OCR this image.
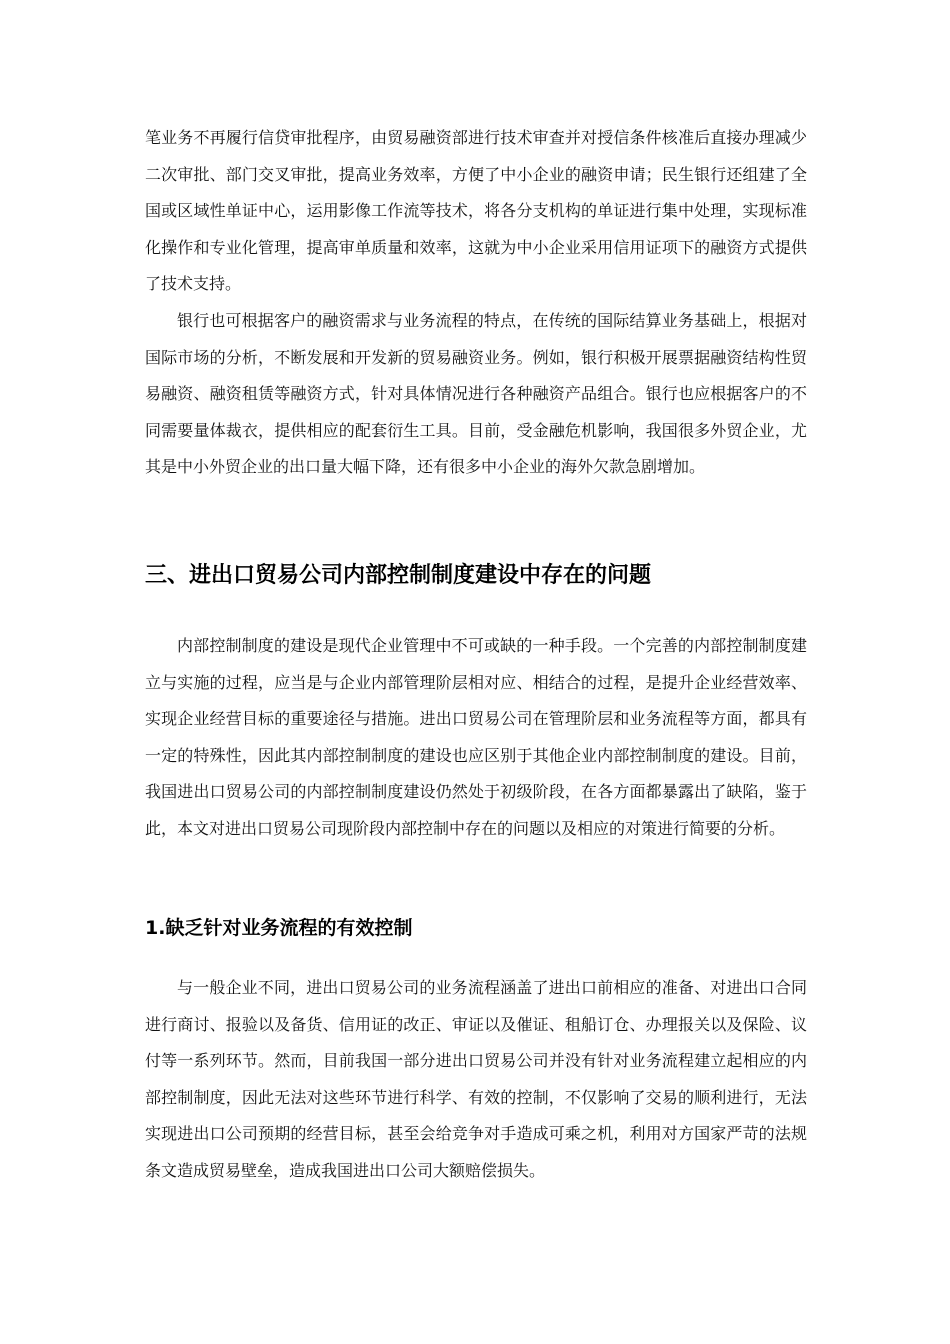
笔业务不再履行信贷审批程序，由贸易融资部进行技术审查并对授信条件核准后直接办理减少二次审批、部门交叉审批，提高业务效率，方便了中小企业的融资申请；民生银行还组建了全国或区域性单证中心，运用影像工作流等技术，将各分支机构的单证进行集中处理，实现标准化操作和专业化管理，提高审单质量和效率，这就为中小企业采用信用证项下的融资方式提供了技术支持。

银行也可根据客户的融资需求与业务流程的特点，在传统的国际结算业务基础上，根据对国际市场的分析，不断发展和开发新的贸易融资业务。例如，银行积极开展票据融资结构性贸易融资、融资租赁等融资方式，针对具体情况进行各种融资产品组合。银行也应根据客户的不同需要量体裁衣，提供相应的配套衍生工具。目前，受金融危机影响，我国很多外贸企业，尤其是中小外贸企业的出口量大幅下降，还有很多中小企业的海外欠款急剧增加。

三、进出口贸易公司内部控制制度建设中存在的问题

内部控制制度的建设是现代企业管理中不可或缺的一种手段。一个完善的内部控制制度建立与实施的过程，应当是与企业内部管理阶层相对应、相结合的过程，是提升企业经营效率、实现企业经营目标的重要途径与措施。进出口贸易公司在管理阶层和业务流程等方面，都具有一定的特殊性，因此其内部控制制度的建设也应区别于其他企业内部控制制度的建设。目前，我国进出口贸易公司的内部控制制度建设仍然处于初级阶段，在各方面都暴露出了缺陷，鉴于此，本文对进出口贸易公司现阶段内部控制中存在的问题以及相应的对策进行简要的分析。

1.缺乏针对业务流程的有效控制

与一般企业不同，进出口贸易公司的业务流程涵盖了进出口前相应的准备、对进出口合同进行商讨、报验以及备货、信用证的改正、审证以及催证、租船订仓、办理报关以及保险、议付等一系列环节。然而，目前我国一部分进出口贸易公司并没有针对业务流程建立起相应的内部控制制度，因此无法对这些环节进行科学、有效的控制，不仅影响了交易的顺利进行，无法实现进出口公司预期的经营目标，甚至会给竞争对手造成可乘之机，利用对方国家严苛的法规条文造成贸易壁垒，造成我国进出口公司大额赔偿损失。
